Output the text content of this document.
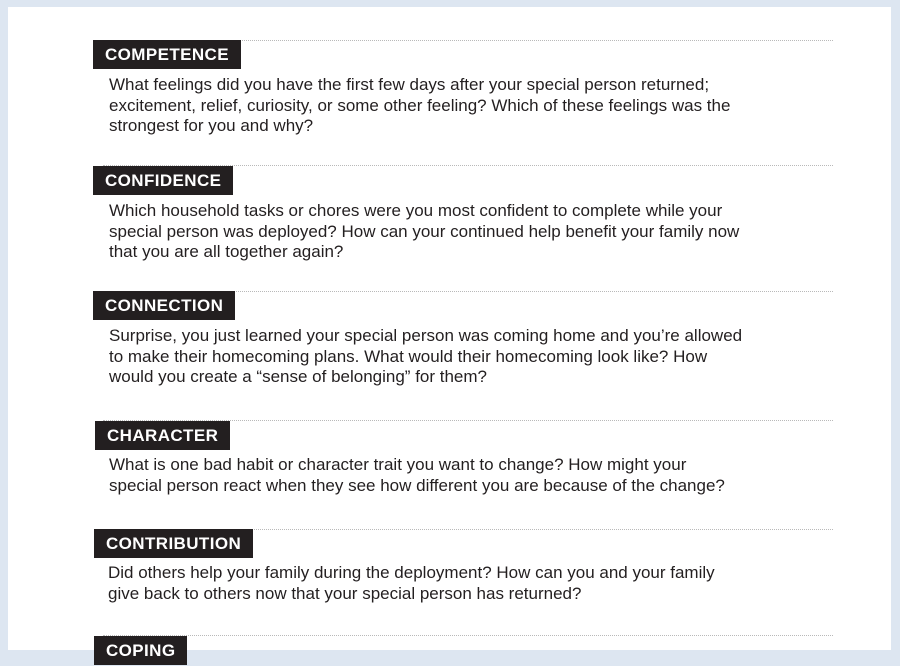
COMPETENCE

What feelings did you have the first few days after your special person returned;
excitement, relief, curiosity, or some other feeling? Which of these feelings was the
strongest for you and why?

CONFIDENCE

Which household tasks or chores were you most confident to complete while your
special person was deployed? How can your continued help benefit your family now
that you are all together again?

CONNECTION

Surprise, you just learned your special person was coming home and you’re allowed
to make their homecoming plans. What would their homecoming look like? How
would you create a “sense of belonging” for them?

CHARACTER

What is one bad habit or character trait you want to change? How might your
special person react when they see how different you are because of the change?

CONTRIBUTION

Did others help your family during the deployment? How can you and your family
give back to others now that your special person has returned?

COPING
